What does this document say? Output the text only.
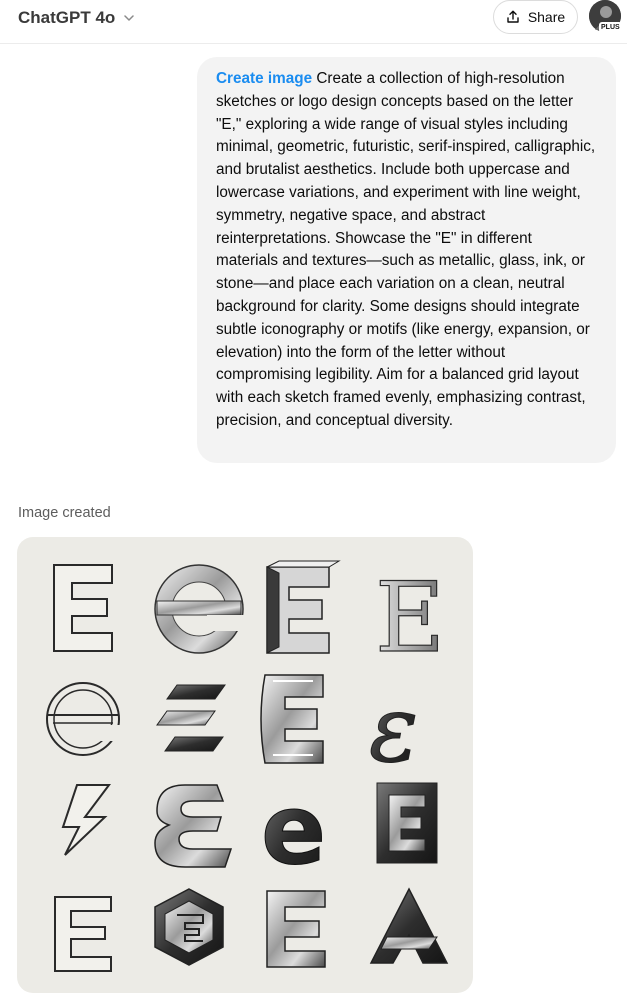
ChatGPT 4o	Share
PLUS
Create image Create a collection of high-resolution sketches or logo design concepts based on the letter "E," exploring a wide range of visual styles including minimal, geometric, futuristic, serif-inspired, calligraphic, and brutalist aesthetics. Include both uppercase and lowercase variations, and experiment with line weight, symmetry, negative space, and abstract reinterpretations. Showcase the "E" in different materials and textures—such as metallic, glass, ink, or stone—and place each variation on a clean, neutral background for clarity. Some designs should integrate subtle iconography or motifs (like energy, expansion, or elevation) into the form of the letter without compromising legibility. Aim for a balanced grid layout with each sketch framed evenly, emphasizing contrast, precision, and conceptual diversity.
Image created
E
ε
e
